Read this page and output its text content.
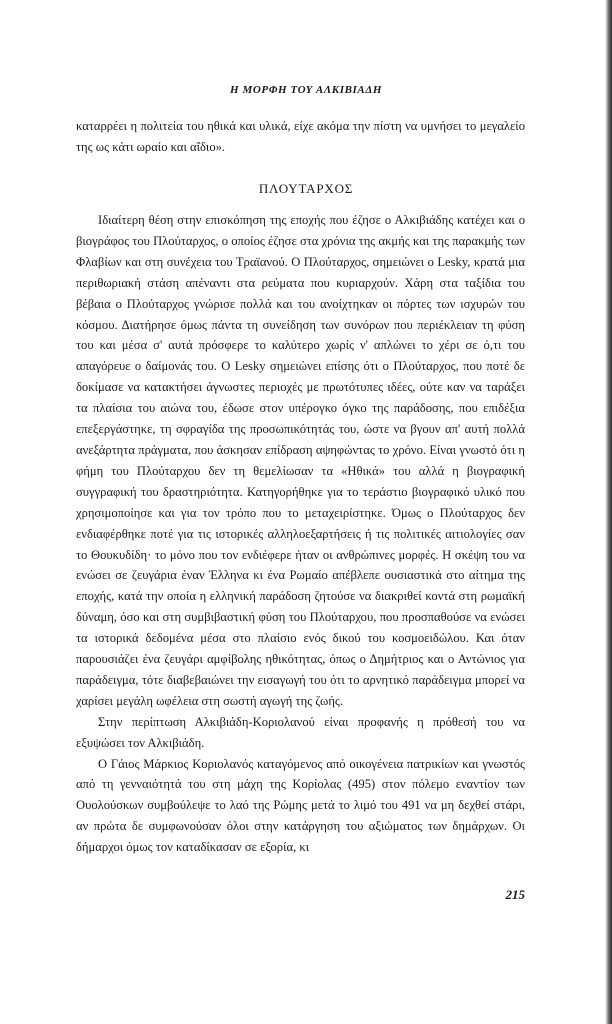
Η ΜΟΡΦΗ ΤΟΥ ΑΛΚΙΒΙΑΔΗ

καταρρέει η πολιτεία του ηθικά και υλικά, είχε ακόμα την πίστη να υμνήσει το μεγαλείο της ως κάτι ωραίο και αΐδιο».

ΠΛΟΥΤΑΡΧΟΣ

Ιδιαίτερη θέση στην επισκόπηση της εποχής που έζησε ο Αλκιβιάδης κατέχει και ο βιογράφος του Πλούταρχος, ο οποίος έζησε στα χρόνια της ακμής και της παρακμής των Φλαβίων και στη συνέχεια του Τραϊανού. Ο Πλούταρχος, σημειώνει ο Lesky, κρατά μια περιθωριακή στάση απέναντι στα ρεύματα που κυριαρχούν. Χάρη στα ταξίδια του βέβαια ο Πλούταρχος γνώρισε πολλά και του ανοίχτηκαν οι πόρτες των ισχυρών του κόσμου. Διατήρησε όμως πάντα τη συνείδηση των συνόρων που περιέκλειαν τη φύση του και μέσα σ' αυτά πρόσφερε το καλύτερο χωρίς ν' απλώνει το χέρι σε ό,τι του απαγόρευε ο δαίμονάς του. Ο Lesky σημειώνει επίσης ότι ο Πλούταρχος, που ποτέ δε δοκίμασε να κατακτήσει άγνωστες περιοχές με πρωτότυπες ιδέες, ούτε καν να ταράξει τα πλαίσια του αιώνα του, έδωσε στον υπέρογκο όγκο της παράδοσης, που επιδέξια επεξεργάστηκε, τη σφραγίδα της προσωπικότητάς του, ώστε να βγουν απ' αυτή πολλά ανεξάρτητα πράγματα, που άσκησαν επίδραση αψηφώντας το χρόνο. Είναι γνωστό ότι η φήμη του Πλούταρχου δεν τη θεμελίωσαν τα «Ηθικά» του αλλά η βιογραφική συγγραφική του δραστηριότητα. Κατηγορήθηκε για το τεράστιο βιογραφικό υλικό που χρησιμοποίησε και για τον τρόπο που το μεταχειρίστηκε. Όμως ο Πλούταρχος δεν ενδιαφέρθηκε ποτέ για τις ιστορικές αλληλοεξαρτήσεις ή τις πολιτικές αιτιολογίες σαν το Θουκυδίδη· το μόνο που τον ενδιέφερε ήταν οι ανθρώπινες μορφές. Η σκέψη του να ενώσει σε ζευγάρια έναν Έλληνα κι ένα Ρωμαίο απέβλεπε ουσιαστικά στο αίτημα της εποχής, κατά την οποία η ελληνική παράδοση ζητούσε να διακριθεί κοντά στη ρωμαϊκή δύναμη, όσο και στη συμβιβαστική φύση του Πλούταρχου, που προσπαθούσε να ενώσει τα ιστορικά δεδομένα μέσα στο πλαίσιο ενός δικού του κοσμοειδώλου. Και όταν παρουσιάζει ένα ζευγάρι αμφίβολης ηθικότητας, όπως ο Δημήτριος και ο Αντώνιος για παράδειγμα, τότε διαβεβαιώνει την εισαγωγή του ότι το αρνητικό παράδειγμα μπορεί να χαρίσει μεγάλη ωφέλεια στη σωστή αγωγή της ζωής.

Στην περίπτωση Αλκιβιάδη-Κοριολανού είναι προφανής η πρόθεσή του να εξυψώσει τον Αλκιβιάδη.

Ο Γάιος Μάρκιος Κοριολανός καταγόμενος από οικογένεια πατρικίων και γνωστός από τη γενναιότητά του στη μάχη της Κορίολας (495) στον πόλεμο εναντίον των Ουολούσκων συμβούλεψε το λαό της Ρώμης μετά το λιμό του 491 να μη δεχθεί στάρι, αν πρώτα δε συμφωνούσαν όλοι στην κατάργηση του αξιώματος των δημάρχων. Οι δήμαρχοι όμως τον καταδίκασαν σε εξορία, κι

215
